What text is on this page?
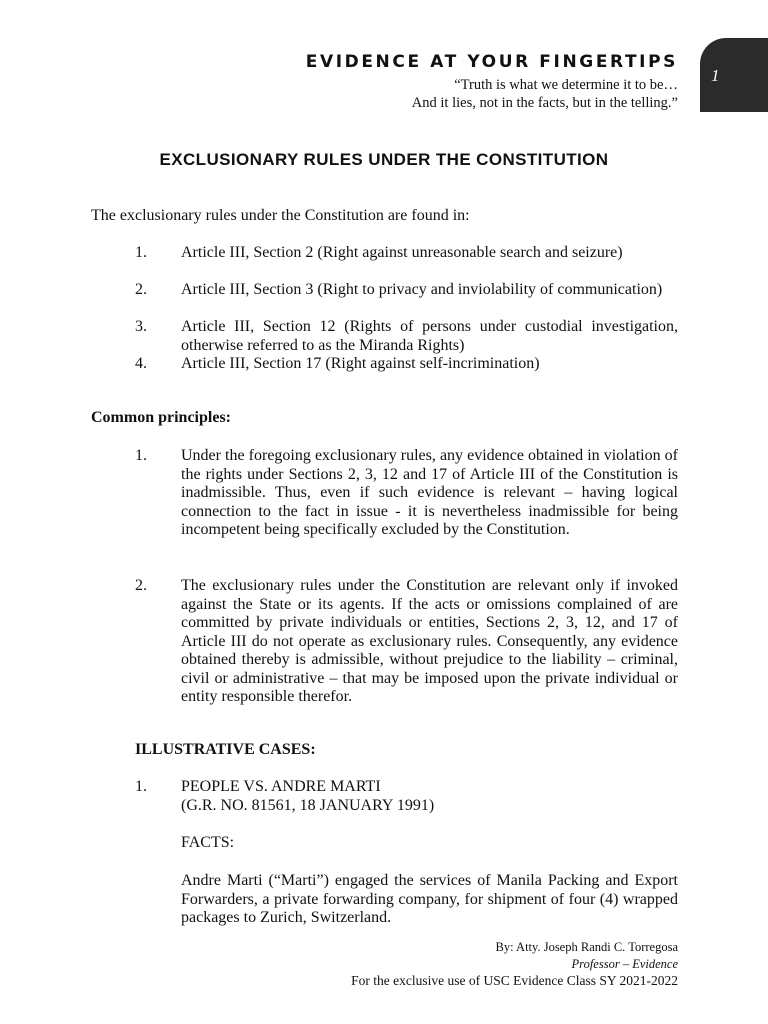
EVIDENCE AT YOUR FINGERTIPS
“Truth is what we determine it to be…
And it lies, not in the facts, but in the telling.”
1
EXCLUSIONARY RULES UNDER THE CONSTITUTION
The exclusionary rules under the Constitution are found in:
1. Article III, Section 2 (Right against unreasonable search and seizure)
2. Article III, Section 3 (Right to privacy and inviolability of communication)
3. Article III, Section 12 (Rights of persons under custodial investigation, otherwise referred to as the Miranda Rights)
4. Article III, Section 17 (Right against self-incrimination)
Common principles:
1. Under the foregoing exclusionary rules, any evidence obtained in violation of the rights under Sections 2, 3, 12 and 17 of Article III of the Constitution is inadmissible. Thus, even if such evidence is relevant – having logical connection to the fact in issue - it is nevertheless inadmissible for being incompetent being specifically excluded by the Constitution.
2. The exclusionary rules under the Constitution are relevant only if invoked against the State or its agents. If the acts or omissions complained of are committed by private individuals or entities, Sections 2, 3, 12, and 17 of Article III do not operate as exclusionary rules. Consequently, any evidence obtained thereby is admissible, without prejudice to the liability – criminal, civil or administrative – that may be imposed upon the private individual or entity responsible therefor.
ILLUSTRATIVE CASES:
1. PEOPLE VS. ANDRE MARTI
(G.R. NO. 81561, 18 JANUARY 1991)
FACTS:
Andre Marti (“Marti”) engaged the services of Manila Packing and Export Forwarders, a private forwarding company, for shipment of four (4) wrapped packages to Zurich, Switzerland.
By: Atty. Joseph Randi C. Torregosa
Professor – Evidence
For the exclusive use of USC Evidence Class SY 2021-2022
